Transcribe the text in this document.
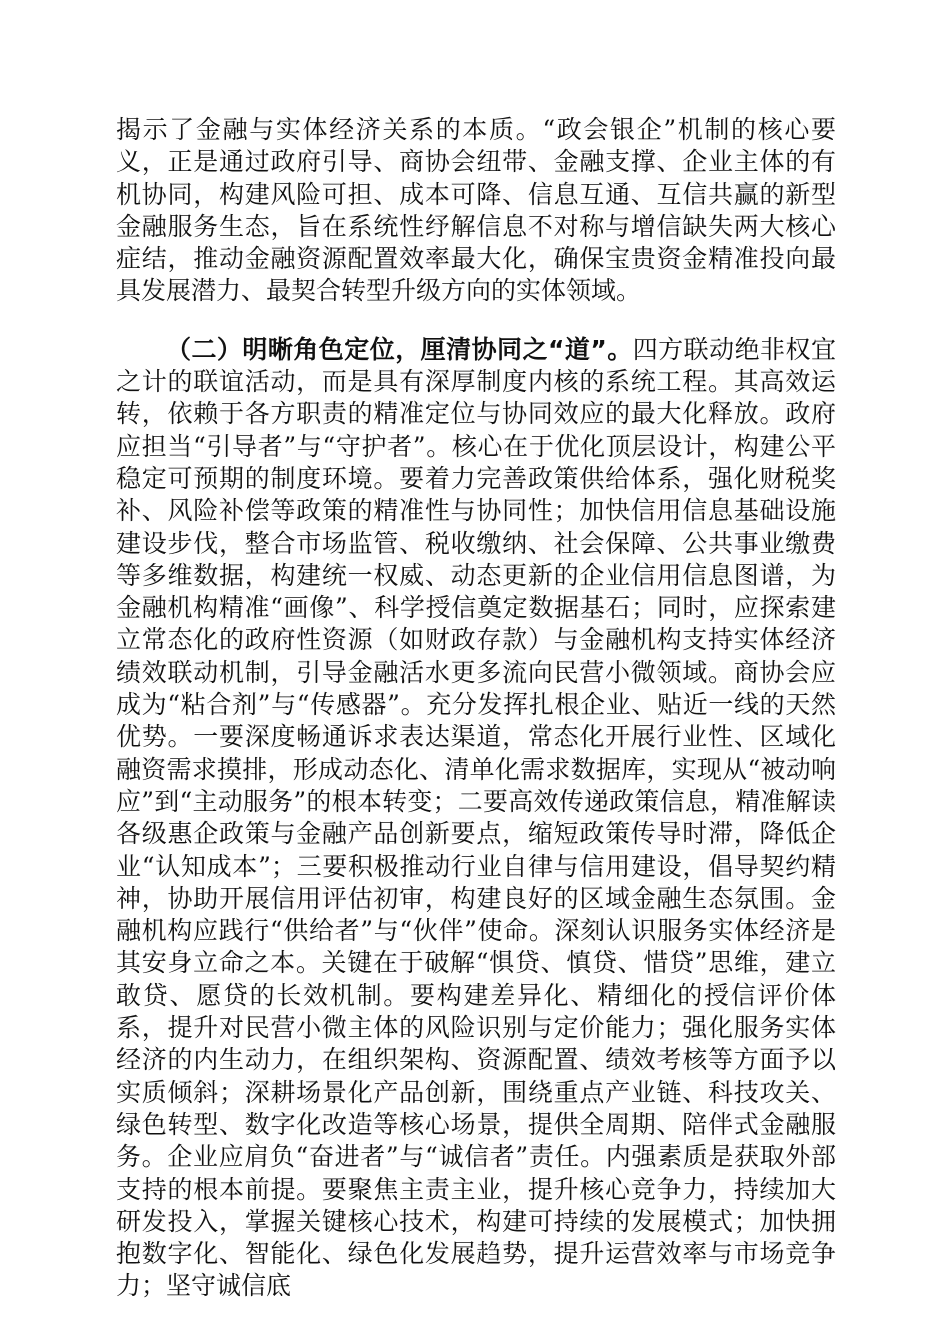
揭示了金融与实体经济关系的本质。“政会银企”机制的核心要义，正是通过政府引导、商协会纽带、金融支撑、企业主体的有机协同，构建风险可担、成本可降、信息互通、互信共赢的新型金融服务生态，旨在系统性纾解信息不对称与增信缺失两大核心症结，推动金融资源配置效率最大化，确保宝贵资金精准投向最具发展潜力、最契合转型升级方向的实体领域。

（二）明晰角色定位，厘清协同之“道”。四方联动绝非权宜之计的联谊活动，而是具有深厚制度内核的系统工程。其高效运转，依赖于各方职责的精准定位与协同效应的最大化释放。政府应担当“引导者”与“守护者”。核心在于优化顶层设计，构建公平稳定可预期的制度环境。要着力完善政策供给体系，强化财税奖补、风险补偿等政策的精准性与协同性；加快信用信息基础设施建设步伐，整合市场监管、税收缴纳、社会保障、公共事业缴费等多维数据，构建统一权威、动态更新的企业信用信息图谱，为金融机构精准“画像”、科学授信奠定数据基石；同时，应探索建立常态化的政府性资源（如财政存款）与金融机构支持实体经济绩效联动机制，引导金融活水更多流向民营小微领域。商协会应成为“粘合剂”与“传感器”。充分发挥扎根企业、贴近一线的天然优势。一要深度畅通诉求表达渠道，常态化开展行业性、区域化融资需求摸排，形成动态化、清单化需求数据库，实现从“被动响应”到“主动服务”的根本转变；二要高效传递政策信息，精准解读各级惠企政策与金融产品创新要点，缩短政策传导时滞，降低企业“认知成本”；三要积极推动行业自律与信用建设，倡导契约精神，协助开展信用评估初审，构建良好的区域金融生态氛围。金融机构应践行“供给者”与“伙伴”使命。深刻认识服务实体经济是其安身立命之本。关键在于破解“惧贷、慎贷、惜贷”思维，建立敢贷、愿贷的长效机制。要构建差异化、精细化的授信评价体系，提升对民营小微主体的风险识别与定价能力；强化服务实体经济的内生动力，在组织架构、资源配置、绩效考核等方面予以实质倾斜；深耕场景化产品创新，围绕重点产业链、科技攻关、绿色转型、数字化改造等核心场景，提供全周期、陪伴式金融服务。企业应肩负“奋进者”与“诚信者”责任。内强素质是获取外部支持的根本前提。要聚焦主责主业，提升核心竞争力，持续加大研发投入，掌握关键核心技术，构建可持续的发展模式；加快拥抱数字化、智能化、绿色化发展趋势，提升运营效率与市场竞争力；坚守诚信底
